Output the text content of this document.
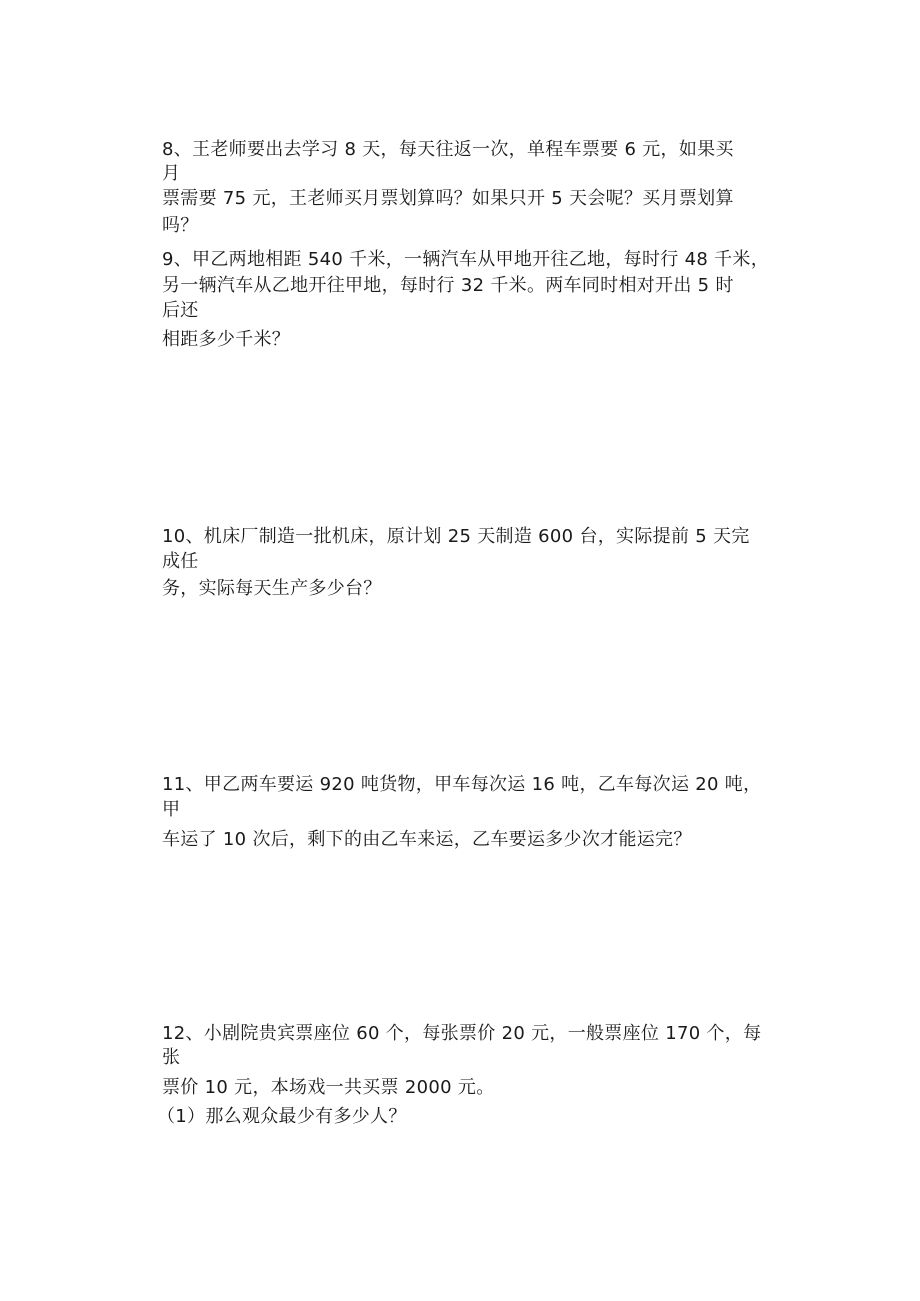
8、王老师要出去学习 8 天，每天往返一次，单程车票要 6 元，如果买
月
票需要 75 元，王老师买月票划算吗？如果只开 5 天会呢？买月票划算
吗？
9、甲乙两地相距 540 千米，一辆汽车从甲地开往乙地，每时行 48 千米，
另一辆汽车从乙地开往甲地，每时行 32 千米。两车同时相对开出 5 时
后还
相距多少千米？
10、机床厂制造一批机床，原计划 25 天制造 600 台，实际提前 5 天完
成任
务，实际每天生产多少台？
11、甲乙两车要运 920 吨货物，甲车每次运 16 吨，乙车每次运 20 吨，
甲
车运了 10 次后，剩下的由乙车来运，乙车要运多少次才能运完？
12、小剧院贵宾票座位 60 个，每张票价 20 元，一般票座位 170 个，每
张
票价 10 元，本场戏一共买票 2000 元。
（1）那么观众最少有多少人？
